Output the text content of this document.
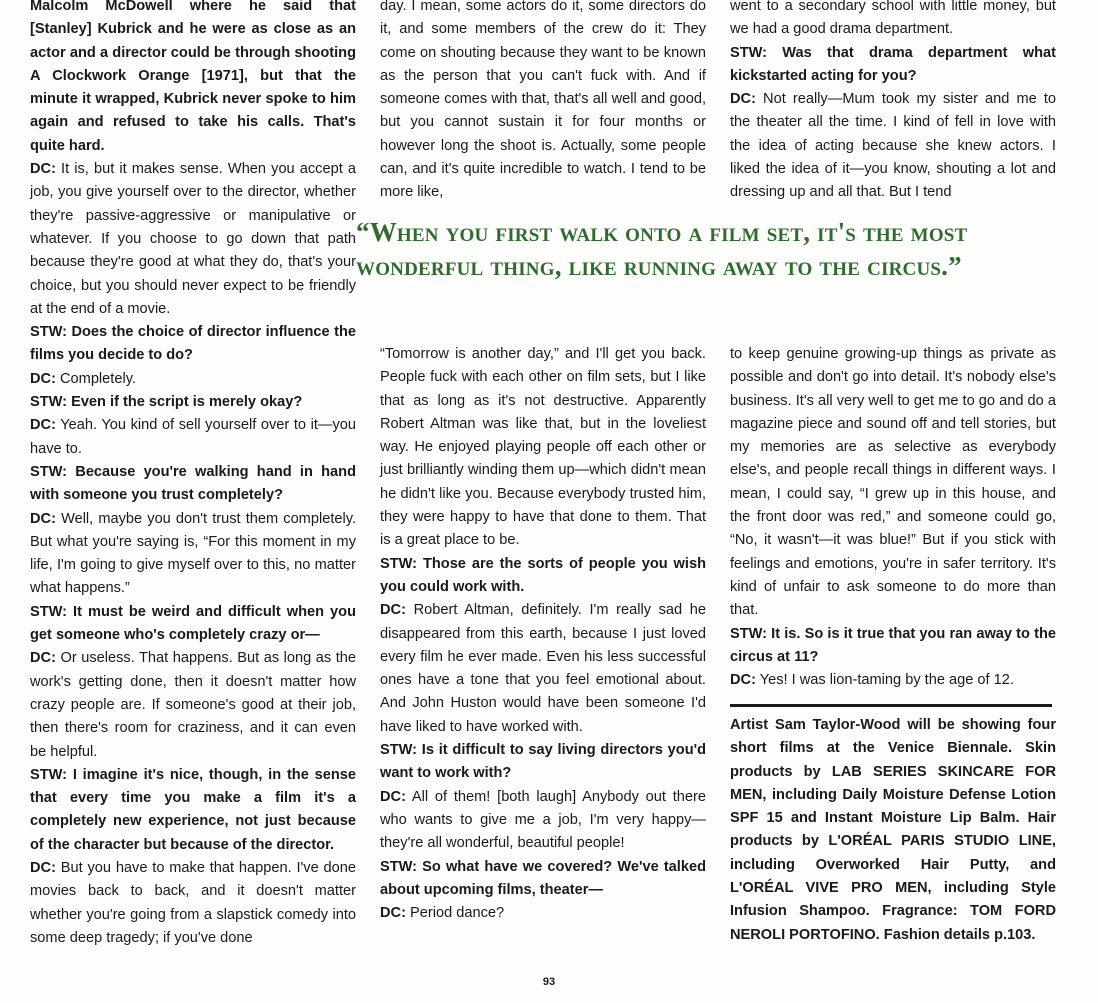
Malcolm McDowell where he said that [Stanley] Kubrick and he were as close as an actor and a director could be through shooting A Clockwork Orange [1971], but that the minute it wrapped, Kubrick never spoke to him again and refused to take his calls. That's quite hard.

DC: It is, but it makes sense. When you accept a job, you give yourself over to the director, whether they're passive-aggressive or manipulative or whatever. If you choose to go down that path because they're good at what they do, that's your choice, but you should never expect to be friendly at the end of a movie.

STW: Does the choice of director influence the films you decide to do?

DC: Completely.

STW: Even if the script is merely okay?

DC: Yeah. You kind of sell yourself over to it—you have to.

STW: Because you're walking hand in hand with someone you trust completely?

DC: Well, maybe you don't trust them completely. But what you're saying is, “For this moment in my life, I'm going to give myself over to this, no matter what happens.”

STW: It must be weird and difficult when you get someone who's completely crazy or—

DC: Or useless. That happens. But as long as the work's getting done, then it doesn't matter how crazy people are. If someone's good at their job, then there's room for craziness, and it can even be helpful.

STW: I imagine it's nice, though, in the sense that every time you make a film it's a completely new experience, not just because of the character but because of the director.

DC: But you have to make that happen. I've done movies back to back, and it doesn't matter whether you're going from a slapstick comedy into some deep tragedy; if you've done

day. I mean, some actors do it, some directors do it, and some members of the crew do it: They come on shouting because they want to be known as the person that you can't fuck with. And if someone comes with that, that's all well and good, but you cannot sustain it for four months or however long the shoot is. Actually, some people can, and it's quite incredible to watch. I tend to be more like,

went to a secondary school with little money, but we had a good drama department.

STW: Was that drama department what kickstarted acting for you?

DC: Not really—Mum took my sister and me to the theater all the time. I kind of fell in love with the idea of acting because she knew actors. I liked the idea of it—you know, shouting a lot and dressing up and all that. But I tend

“When you first walk onto a film set, it's the most wonderful thing, like running away to the circus.”

“Tomorrow is another day,” and I'll get you back. People fuck with each other on film sets, but I like that as long as it's not destructive. Apparently Robert Altman was like that, but in the loveliest way. He enjoyed playing people off each other or just brilliantly winding them up—which didn't mean he didn't like you. Because everybody trusted him, they were happy to have that done to them. That is a great place to be.

STW: Those are the sorts of people you wish you could work with.

DC: Robert Altman, definitely. I'm really sad he disappeared from this earth, because I just loved every film he ever made. Even his less successful ones have a tone that you feel emotional about. And John Huston would have been someone I'd have liked to have worked with.

STW: Is it difficult to say living directors you'd want to work with?

DC: All of them! [both laugh] Anybody out there who wants to give me a job, I'm very happy—they're all wonderful, beautiful people!

STW: So what have we covered? We've talked about upcoming films, theater—

DC: Period dance?

to keep genuine growing-up things as private as possible and don't go into detail. It's nobody else's business. It's all very well to get me to go and do a magazine piece and sound off and tell stories, but my memories are as selective as everybody else's, and people recall things in different ways. I mean, I could say, “I grew up in this house, and the front door was red,” and someone could go, “No, it wasn't—it was blue!” But if you stick with feelings and emotions, you're in safer territory. It's kind of unfair to ask someone to do more than that.

STW: It is. So is it true that you ran away to the circus at 11?

DC: Yes! I was lion-taming by the age of 12.

Artist Sam Taylor-Wood will be showing four short films at the Venice Biennale. Skin products by LAB SERIES SKINCARE FOR MEN, including Daily Moisture Defense Lotion SPF 15 and Instant Moisture Lip Balm. Hair products by L'ORÉAL PARIS STUDIO LINE, including Overworked Hair Putty, and L'ORÉAL VIVE PRO MEN, including Style Infusion Shampoo. Fragrance: TOM FORD NEROLI PORTOFINO. Fashion details p.103.
93
